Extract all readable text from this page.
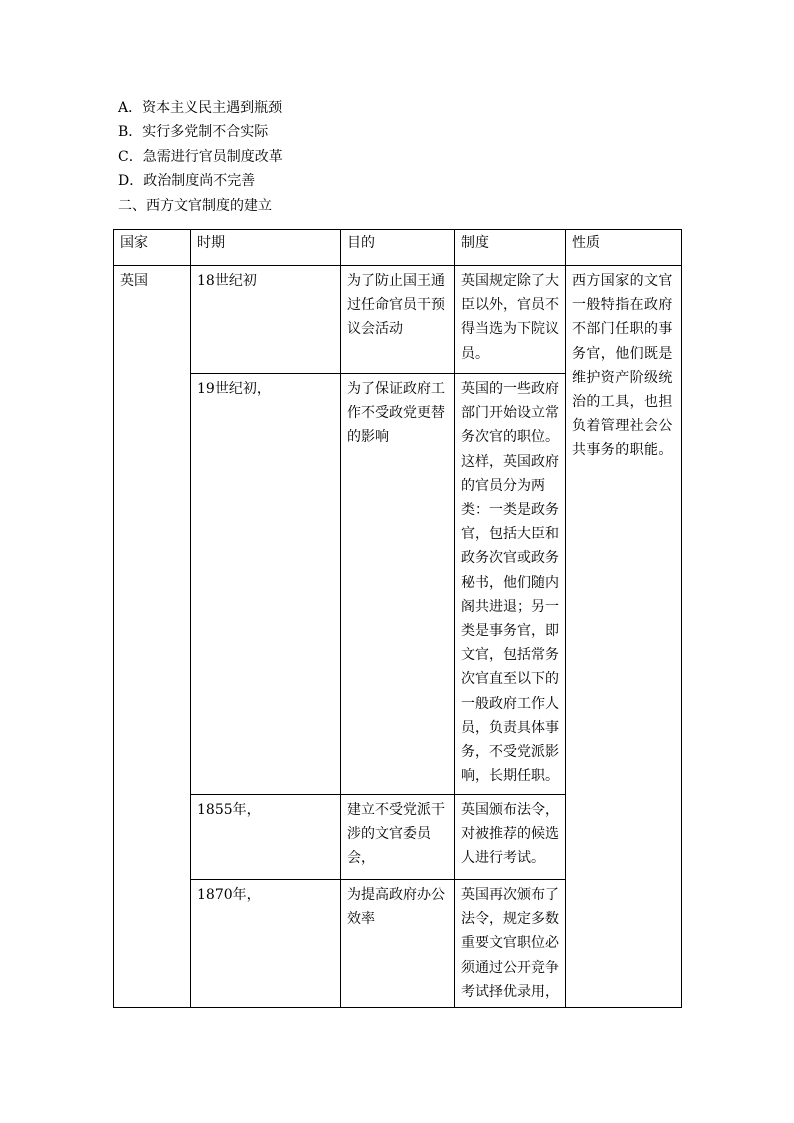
A．资本主义民主遇到瓶颈
B．实行多党制不合实际
C．急需进行官员制度改革
D．政治制度尚不完善
二、西方文官制度的建立
国家	时期	目的	制度	性质
英国	18世纪初	为了防止国王通过任命官员干预议会活动	英国规定除了大臣以外，官员不得当选为下院议员。	西方国家的文官一般特指在政府不部门任职的事务官，他们既是维护资产阶级统治的工具，也担负着管理社会公共事务的职能。
	19世纪初，	为了保证政府工作不受政党更替的影响	英国的一些政府部门开始设立常务次官的职位。这样，英国政府的官员分为两类：一类是政务官，包括大臣和政务次官或政务秘书，他们随内阁共进退；另一类是事务官，即文官，包括常务次官直至以下的一般政府工作人员，负责具体事务，不受党派影响，长期任职。	
	1855年，	建立不受党派干涉的文官委员会，	英国颁布法令，对被推荐的候选人进行考试。	
	1870年，	为提高政府办公效率	英国再次颁布了法令，规定多数重要文官职位必须通过公开竞争考试择优录用，	
